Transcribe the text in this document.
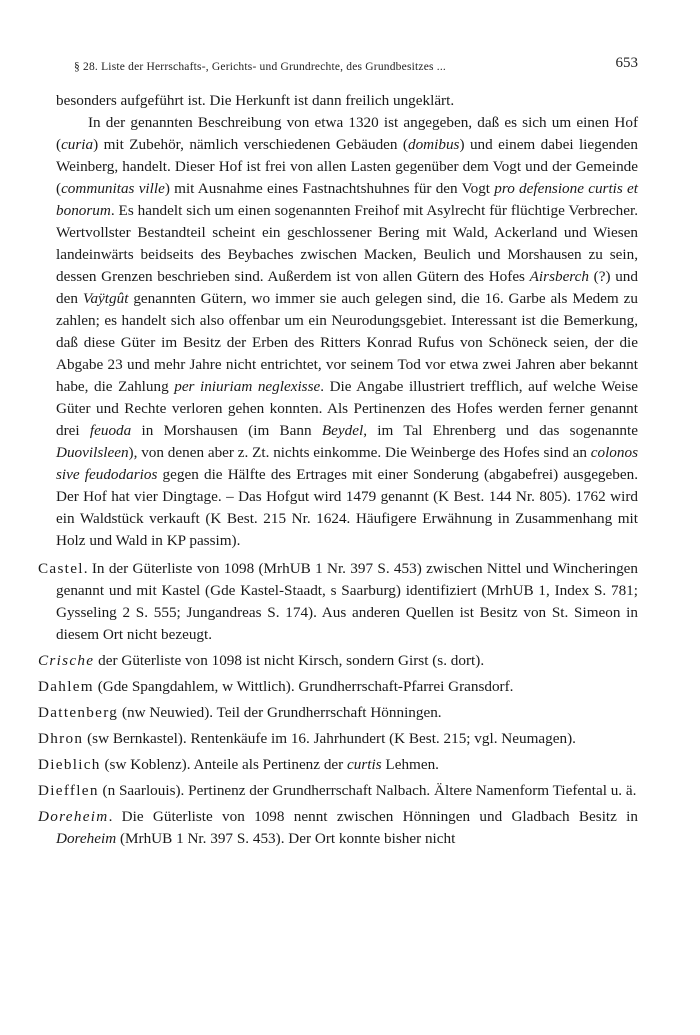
§ 28. Liste der Herrschafts-, Gerichts- und Grundrechte, des Grundbesitzes ...	653

besonders aufgeführt ist. Die Herkunft ist dann freilich ungeklärt.

In der genannten Beschreibung von etwa 1320 ist angegeben, daß es sich um einen Hof (curia) mit Zubehör, nämlich verschiedenen Gebäuden (domibus) und einem dabei liegenden Weinberg, handelt. Dieser Hof ist frei von allen Lasten gegenüber dem Vogt und der Gemeinde (communitas ville) mit Ausnahme eines Fastnachtshuhnes für den Vogt pro defensione curtis et bonorum. Es handelt sich um einen sogenannten Freihof mit Asylrecht für flüchtige Verbrecher. Wertvollster Bestandteil scheint ein geschlossener Bering mit Wald, Ackerland und Wiesen landeinwärts beidseits des Beybaches zwischen Macken, Beulich und Morshausen zu sein, dessen Grenzen beschrieben sind. Außerdem ist von allen Gütern des Hofes Airsberch (?) und den Vaÿtgût genannten Gütern, wo immer sie auch gelegen sind, die 16. Garbe als Medem zu zahlen; es handelt sich also offenbar um ein Neurodungsgebiet. Interessant ist die Bemerkung, daß diese Güter im Besitz der Erben des Ritters Konrad Rufus von Schöneck seien, der die Abgabe 23 und mehr Jahre nicht entrichtet, vor seinem Tod vor etwa zwei Jahren aber bekannt habe, die Zahlung per iniuriam neglexisse. Die Angabe illustriert trefflich, auf welche Weise Güter und Rechte verloren gehen konnten. Als Pertinenzen des Hofes werden ferner genannt drei feuoda in Morshausen (im Bann Beydel, im Tal Ehrenberg und das sogenannte Duovilsleen), von denen aber z. Zt. nichts einkomme. Die Weinberge des Hofes sind an colonos sive feudodarios gegen die Hälfte des Ertrages mit einer Sonderung (abgabefrei) ausgegeben. Der Hof hat vier Dingtage. – Das Hofgut wird 1479 genannt (K Best. 144 Nr. 805). 1762 wird ein Waldstück verkauft (K Best. 215 Nr. 1624. Häufigere Erwähnung in Zusammenhang mit Holz und Wald in KP passim).

Castel. In der Güterliste von 1098 (MrhUB 1 Nr. 397 S. 453) zwischen Nittel und Wincheringen genannt und mit Kastel (Gde Kastel-Staadt, s Saarburg) identifiziert (MrhUB 1, Index S. 781; Gysseling 2 S. 555; Jungandreas S. 174). Aus anderen Quellen ist Besitz von St. Simeon in diesem Ort nicht bezeugt.

Crische der Güterliste von 1098 ist nicht Kirsch, sondern Girst (s. dort).

Dahlem (Gde Spangdahlem, w Wittlich). Grundherrschaft-Pfarrei Gransdorf.

Dattenberg (nw Neuwied). Teil der Grundherrschaft Hönningen.

Dhron (sw Bernkastel). Rentenkäufe im 16. Jahrhundert (K Best. 215; vgl. Neumagen).

Dieblich (sw Koblenz). Anteile als Pertinenz der curtis Lehmen.

Diefflen (n Saarlouis). Pertinenz der Grundherrschaft Nalbach. Ältere Namenform Tiefental u. ä.

Doreheim. Die Güterliste von 1098 nennt zwischen Hönningen und Gladbach Besitz in Doreheim (MrhUB 1 Nr. 397 S. 453). Der Ort konnte bisher nicht
